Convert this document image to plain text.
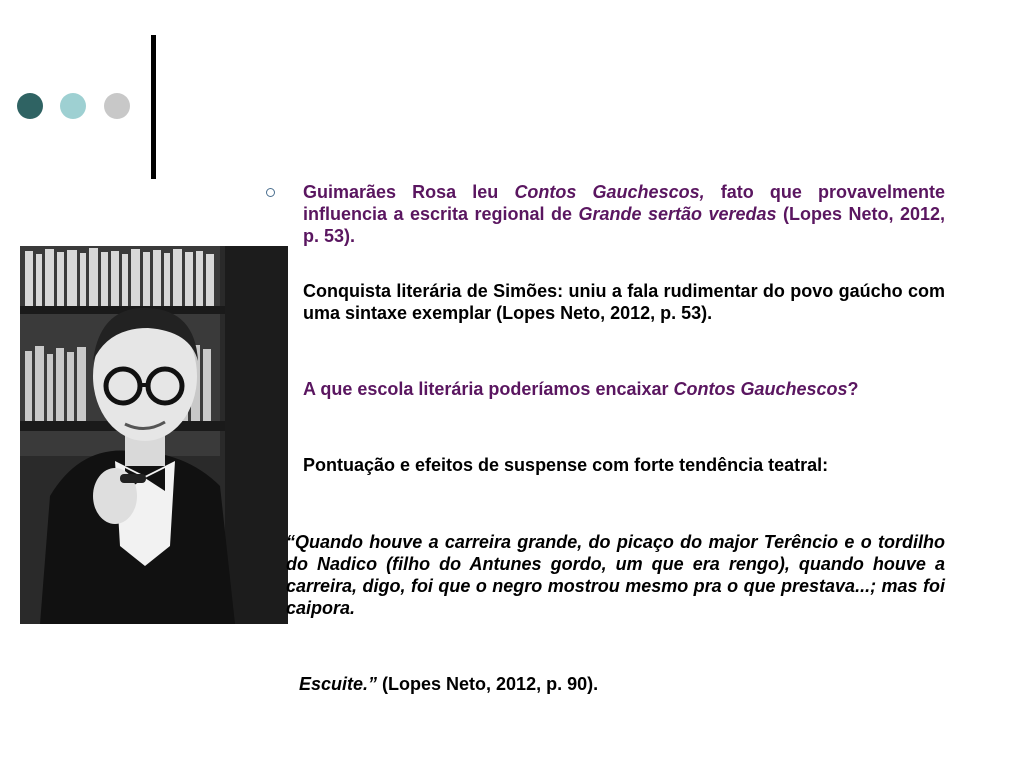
Guimarães Rosa leu Contos Gauchescos, fato que provavelmente influencia a escrita regional de Grande sertão veredas (Lopes Neto, 2012, p. 53).

Conquista literária de Simões: uniu a fala rudimentar do povo gaúcho com uma sintaxe exemplar (Lopes Neto, 2012, p. 53).

A que escola literária poderíamos encaixar Contos Gauchescos?

Pontuação e efeitos de suspense com forte tendência teatral:

“Quando houve a carreira grande, do picaço do major Terêncio e o tordilho do Nadico (filho do Antunes gordo, um que era rengo), quando houve a carreira, digo, foi que o negro mostrou mesmo pra o que prestava...; mas foi caipora.

Escuite.” (Lopes Neto, 2012, p. 90).
